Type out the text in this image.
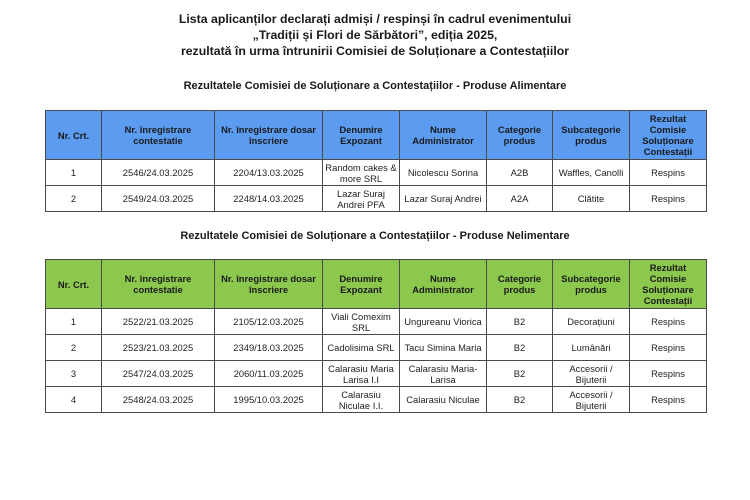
Lista aplicanților declarați admiși / respinși în cadrul evenimentului
„Tradiții și Flori de Sărbători”, ediția 2025,
rezultată în urma întrunirii Comisiei de Soluționare a Contestațiilor
Rezultatele Comisiei de Soluționare a Contestațiilor - Produse Alimentare
Nr. Crt.	Nr. înregistrare contestatie	Nr. înregistrare dosar înscriere	Denumire Expozant	Nume Administrator	Categorie produs	Subcategorie produs	Rezultat Comisie Soluționare Contestații
1	2546/24.03.2025	2204/13.03.2025	Random cakes & more SRL	Nicolescu Sorina	A2B	Waffles, Canolli	Respins
2	2549/24.03.2025	2248/14.03.2025	Lazar Suraj Andrei PFA	Lazar Suraj Andrei	A2A	Clătite	Respins
Rezultatele Comisiei de Soluționare a Contestațiilor - Produse Nelimentare
Nr. Crt.	Nr. înregistrare contestatie	Nr. înregistrare dosar înscriere	Denumire Expozant	Nume Administrator	Categorie produs	Subcategorie produs	Rezultat Comisie Soluționare Contestații
1	2522/21.03.2025	2105/12.03.2025	Viali Comexim SRL	Ungureanu Viorica	B2	Decorațiuni	Respins
2	2523/21.03.2025	2349/18.03.2025	Cadolisima SRL	Tacu Simina Maria	B2	Lumânări	Respins
3	2547/24.03.2025	2060/11.03.2025	Calarasiu Maria Larisa I.I	Calarasiu Maria-Larisa	B2	Accesorii / Bijuterii	Respins
4	2548/24.03.2025	1995/10.03.2025	Calarasiu Niculae I.I.	Calarasiu Niculae	B2	Accesorii / Bijuterii	Respins
